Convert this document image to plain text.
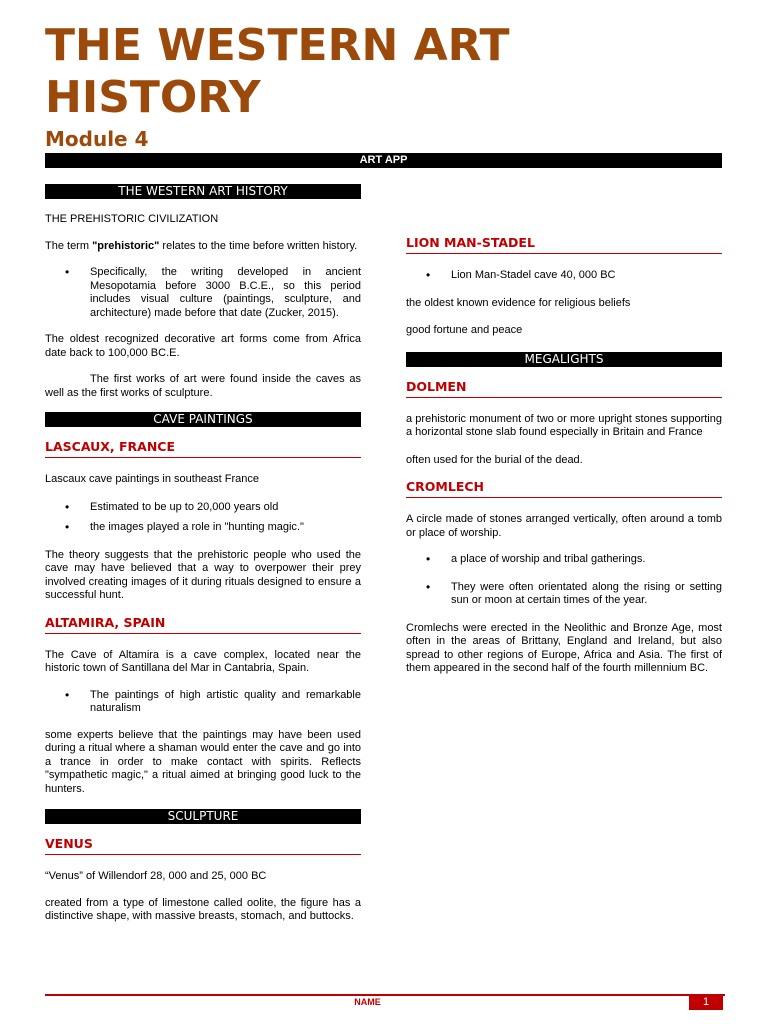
THE WESTERN ART HISTORY
Module 4
ART APP
THE WESTERN ART HISTORY

THE PREHISTORIC CIVILIZATION

The term "prehistoric" relates to the time before written history.

• Specifically, the writing developed in ancient Mesopotamia before 3000 B.C.E., so this period includes visual culture (paintings, sculpture, and architecture) made before that date (Zucker, 2015).

The oldest recognized decorative art forms come from Africa date back to 100,000 BC.E.

The first works of art were found inside the caves as well as the first works of sculpture.

CAVE PAINTINGS
LASCAUX, FRANCE

Lascaux cave paintings in southeast France

• Estimated to be up to 20,000 years old
• the images played a role in "hunting magic."

The theory suggests that the prehistoric people who used the cave may have believed that a way to overpower their prey involved creating images of it during rituals designed to ensure a successful hunt.

ALTAMIRA, SPAIN

The Cave of Altamira is a cave complex, located near the historic town of Santillana del Mar in Cantabria, Spain.

• The paintings of high artistic quality and remarkable naturalism

some experts believe that the paintings may have been used during a ritual where a shaman would enter the cave and go into a trance in order to make contact with spirits. Reflects "sympathetic magic," a ritual aimed at bringing good luck to the hunters.

SCULPTURE
VENUS

“Venus” of Willendorf 28, 000 and 25, 000 BC

created from a type of limestone called oolite, the figure has a distinctive shape, with massive breasts, stomach, and buttocks.

LION MAN-STADEL
• Lion Man-Stadel cave 40, 000 BC

the oldest known evidence for religious beliefs

good fortune and peace

MEGALIGHTS
DOLMEN

a prehistoric monument of two or more upright stones supporting a horizontal stone slab found especially in Britain and France

often used for the burial of the dead.

CROMLECH

A circle made of stones arranged vertically, often around a tomb or place of worship.

• a place of worship and tribal gatherings.
• They were often orientated along the rising or setting sun or moon at certain times of the year.

Cromlechs were erected in the Neolithic and Bronze Age, most often in the areas of Brittany, England and Ireland, but also spread to other regions of Europe, Africa and Asia. The first of them appeared in the second half of the fourth millennium BC.

NAME	1
